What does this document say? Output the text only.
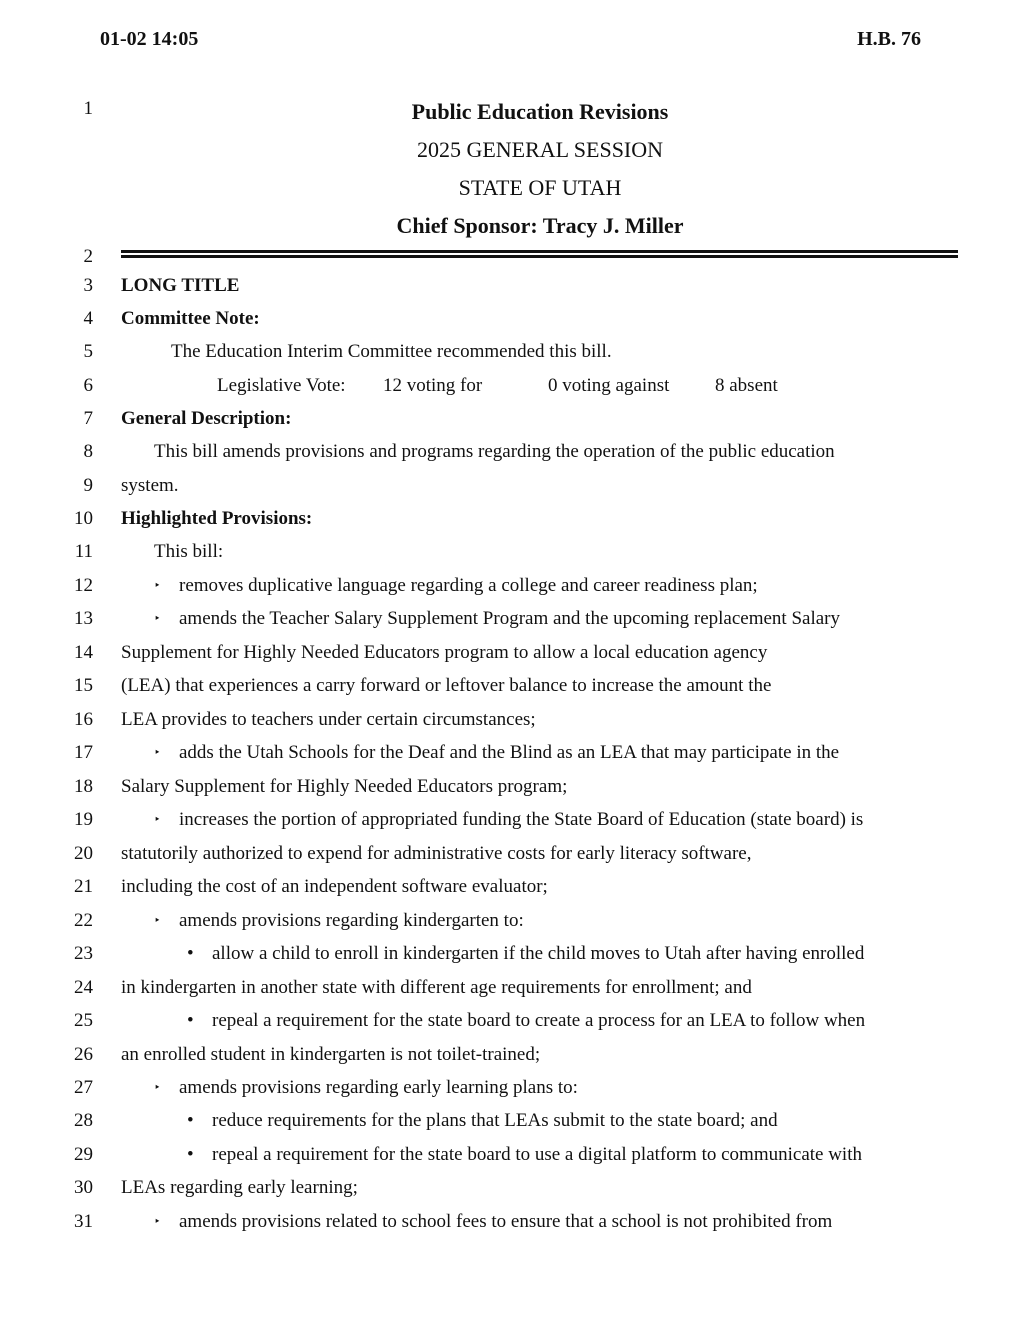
01-02 14:05	H.B. 76
1
2
3
4
5
6
7
8
9
10
11
12
13
14
15
16
17
18
19
20
21
22
23
24
25
26
27
28
29
30
31
Public Education Revisions
2025 GENERAL SESSION
STATE OF UTAH
Chief Sponsor: Tracy J. Miller
LONG TITLE
Committee Note:
The Education Interim Committee recommended this bill.
Legislative Vote: 12 voting for	0 voting against 8 absent
General Description:
This bill amends provisions and programs regarding the operation of the public education
system.
Highlighted Provisions:
This bill:
‣ removes duplicative language regarding a college and career readiness plan;
‣ amends the Teacher Salary Supplement Program and the upcoming replacement Salary
Supplement for Highly Needed Educators program to allow a local education agency
(LEA) that experiences a carry forward or leftover balance to increase the amount the
LEA provides to teachers under certain circumstances;
‣ adds the Utah Schools for the Deaf and the Blind as an LEA that may participate in the
Salary Supplement for Highly Needed Educators program;
‣ increases the portion of appropriated funding the State Board of Education (state board) is
statutorily authorized to expend for administrative costs for early literacy software,
including the cost of an independent software evaluator;
‣ amends provisions regarding kindergarten to:
• allow a child to enroll in kindergarten if the child moves to Utah after having enrolled
in kindergarten in another state with different age requirements for enrollment; and
• repeal a requirement for the state board to create a process for an LEA to follow when
an enrolled student in kindergarten is not toilet-trained;
‣ amends provisions regarding early learning plans to:
• reduce requirements for the plans that LEAs submit to the state board; and
• repeal a requirement for the state board to use a digital platform to communicate with
LEAs regarding early learning;
‣ amends provisions related to school fees to ensure that a school is not prohibited from
